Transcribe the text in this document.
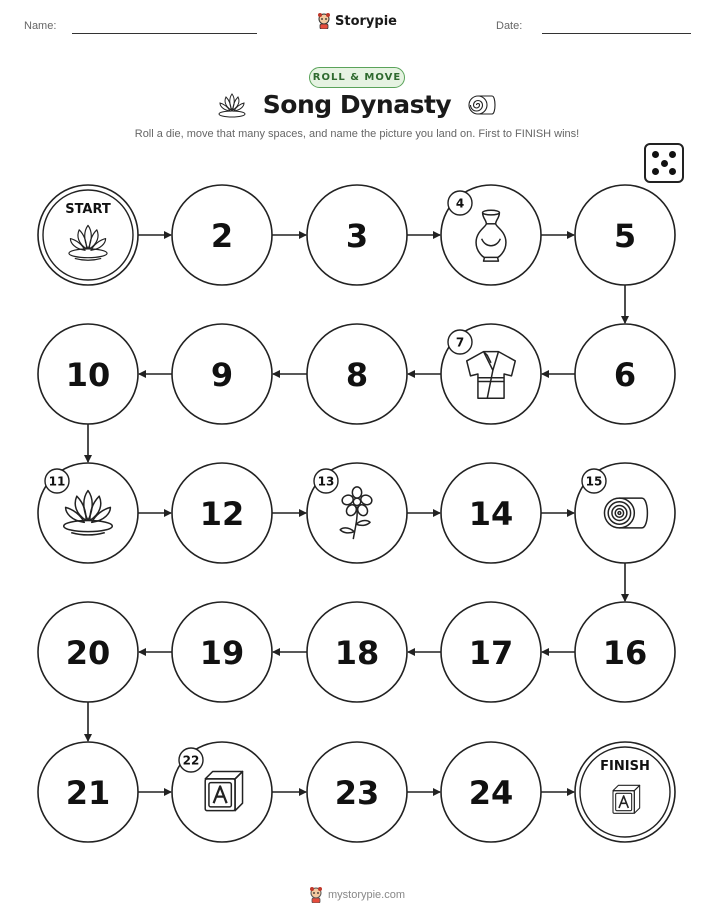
Name:	Storypie	Date:
ROLL & MOVE
Song Dynasty
Roll a die, move that many spaces, and name the picture you land on. First to FINISH wins!
START
2	3
4
5
6
7
8
9
10
11
12
13
14
15
16
17
18
19
20
21
22
23	24
FINISH
mystorypie.com
